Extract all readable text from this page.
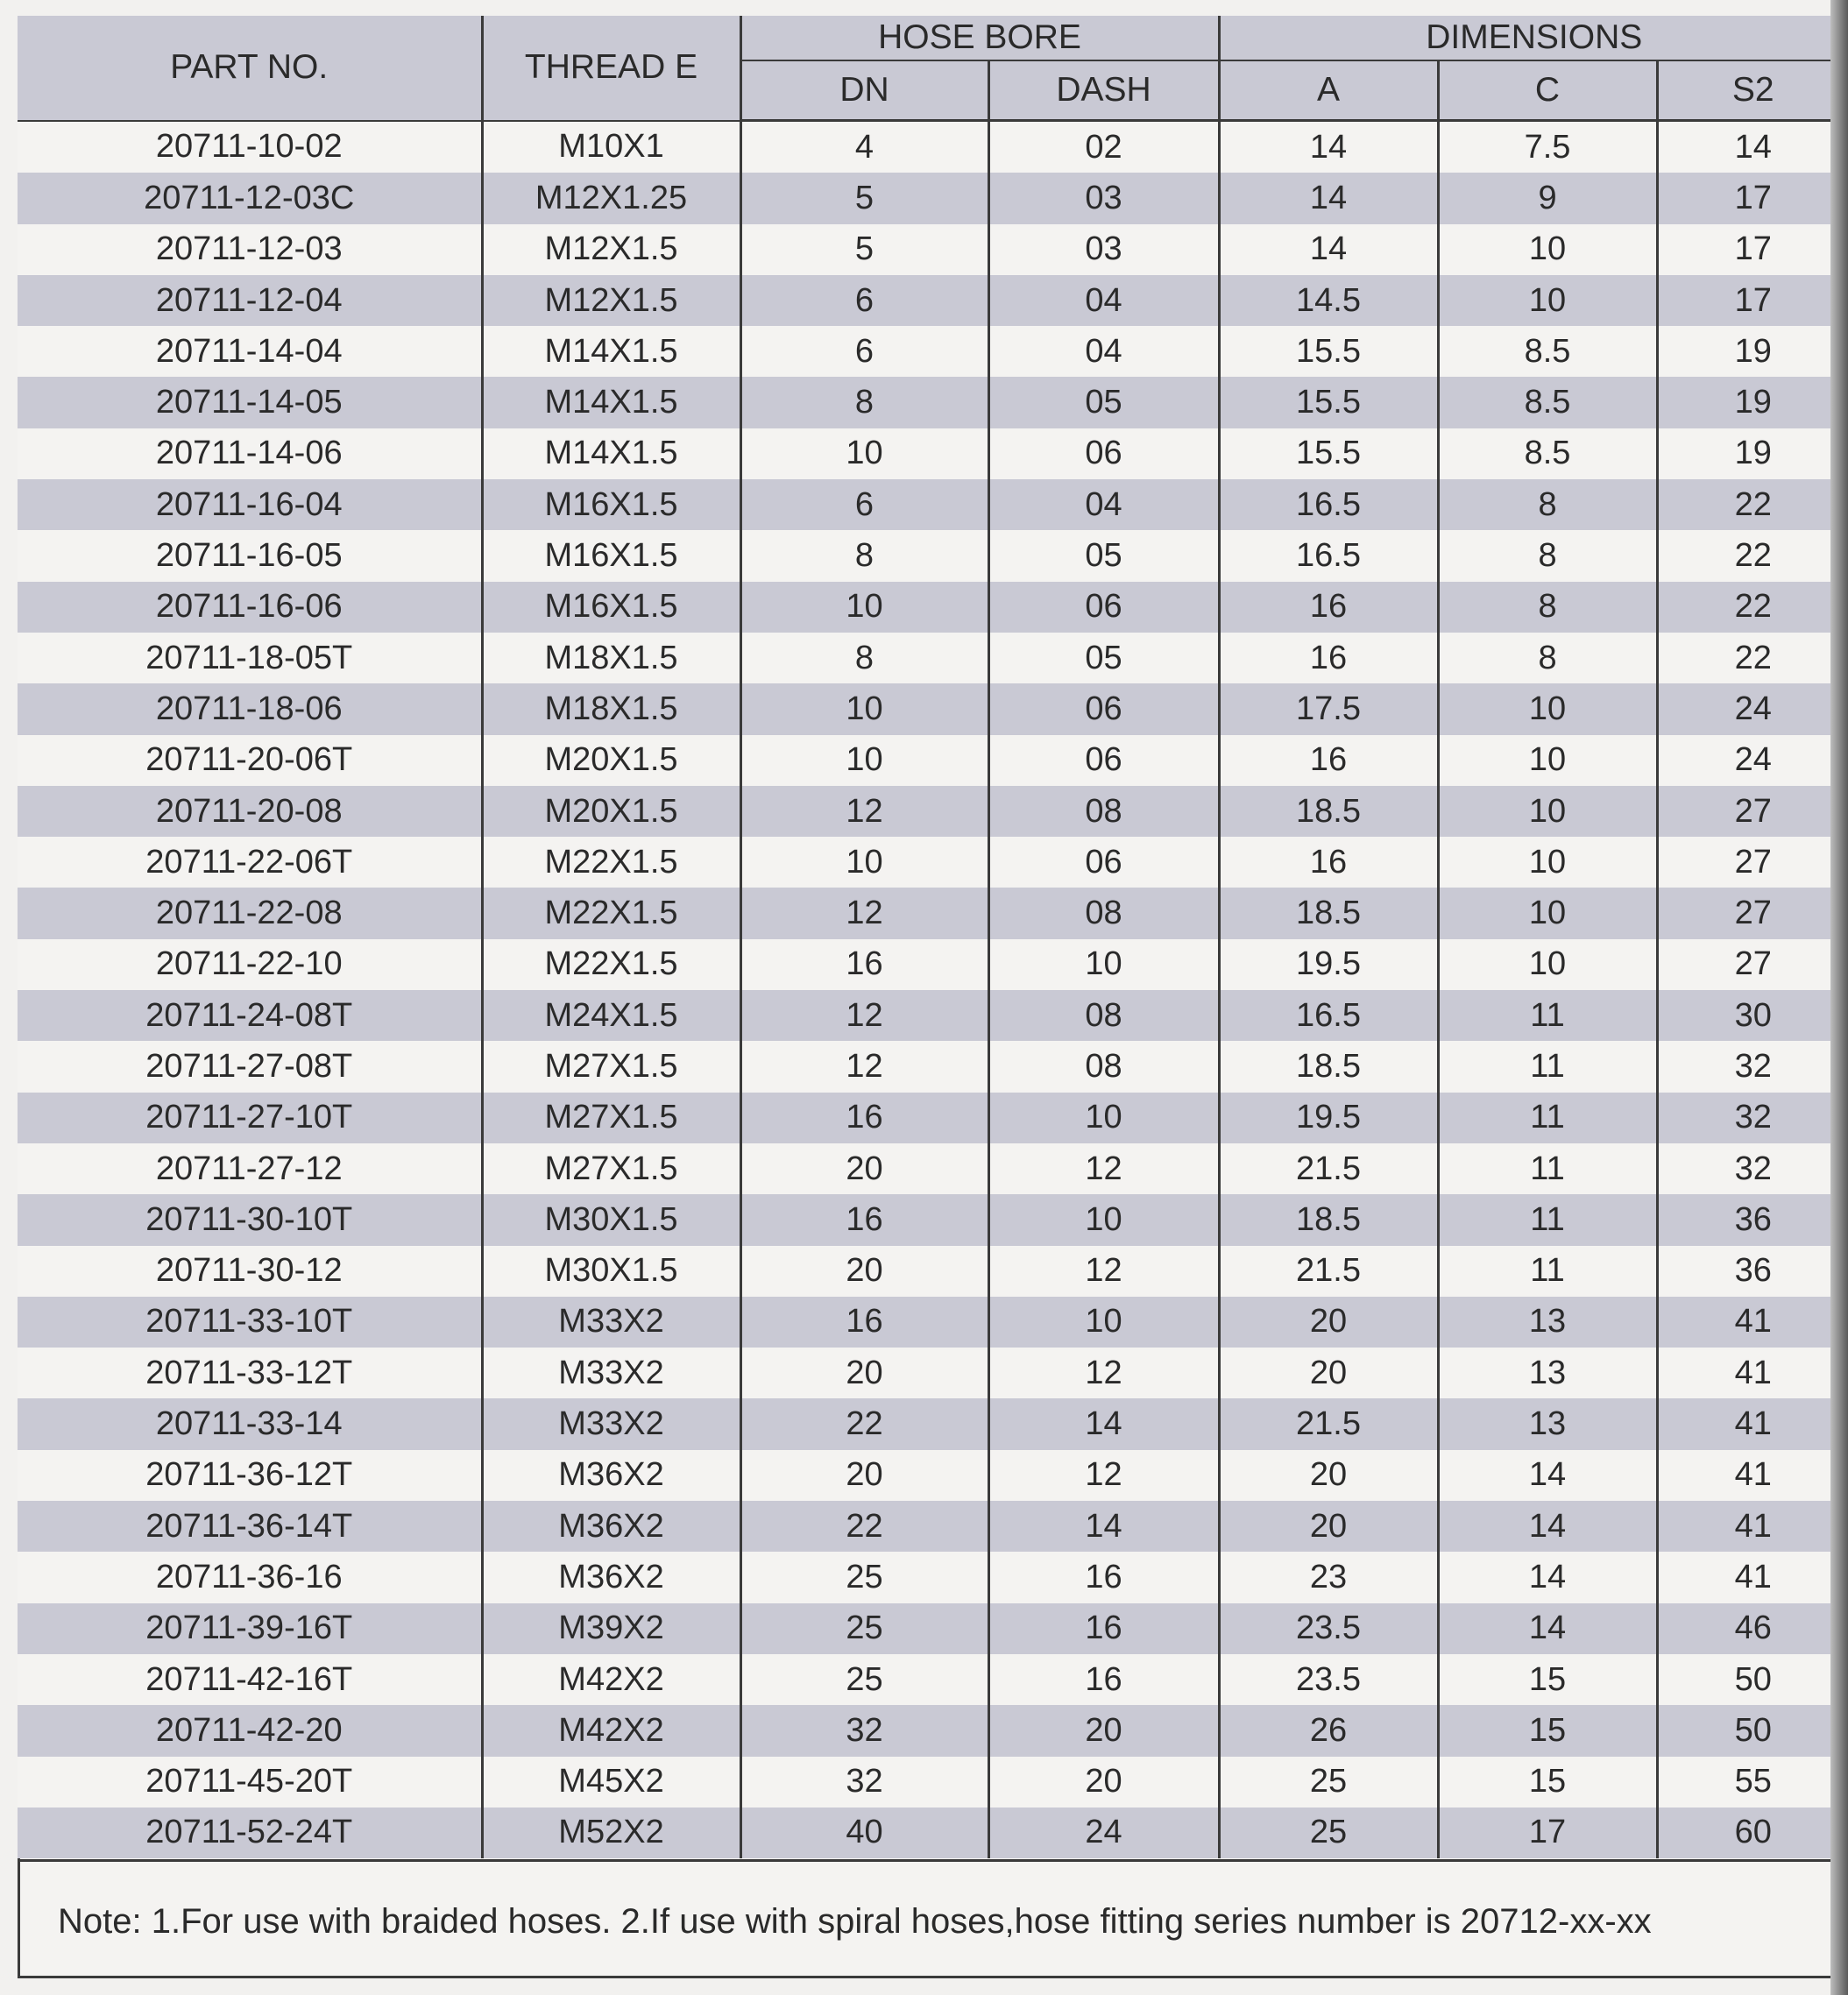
PART NO.	THREAD E	HOSE BORE		DIMENSIONS		
		DN	DASH	A	C	S2
20711-10-02	M10X1	4	02	14	7.5	14
20711-12-03C	M12X1.25	5	03	14	9	17
20711-12-03	M12X1.5	5	03	14	10	17
20711-12-04	M12X1.5	6	04	14.5	10	17
20711-14-04	M14X1.5	6	04	15.5	8.5	19
20711-14-05	M14X1.5	8	05	15.5	8.5	19
20711-14-06	M14X1.5	10	06	15.5	8.5	19
20711-16-04	M16X1.5	6	04	16.5	8	22
20711-16-05	M16X1.5	8	05	16.5	8	22
20711-16-06	M16X1.5	10	06	16	8	22
20711-18-05T	M18X1.5	8	05	16	8	22
20711-18-06	M18X1.5	10	06	17.5	10	24
20711-20-06T	M20X1.5	10	06	16	10	24
20711-20-08	M20X1.5	12	08	18.5	10	27
20711-22-06T	M22X1.5	10	06	16	10	27
20711-22-08	M22X1.5	12	08	18.5	10	27
20711-22-10	M22X1.5	16	10	19.5	10	27
20711-24-08T	M24X1.5	12	08	16.5	11	30
20711-27-08T	M27X1.5	12	08	18.5	11	32
20711-27-10T	M27X1.5	16	10	19.5	11	32
20711-27-12	M27X1.5	20	12	21.5	11	32
20711-30-10T	M30X1.5	16	10	18.5	11	36
20711-30-12	M30X1.5	20	12	21.5	11	36
20711-33-10T	M33X2	16	10	20	13	41
20711-33-12T	M33X2	20	12	20	13	41
20711-33-14	M33X2	22	14	21.5	13	41
20711-36-12T	M36X2	20	12	20	14	41
20711-36-14T	M36X2	22	14	20	14	41
20711-36-16	M36X2	25	16	23	14	41
20711-39-16T	M39X2	25	16	23.5	14	46
20711-42-16T	M42X2	25	16	23.5	15	50
20711-42-20	M42X2	32	20	26	15	50
20711-45-20T	M45X2	32	20	25	15	55
20711-52-24T	M52X2	40	24	25	17	60
Note: 1.For use with braided hoses. 2.If use with spiral hoses,hose fitting series number is 20712-xx-xx
